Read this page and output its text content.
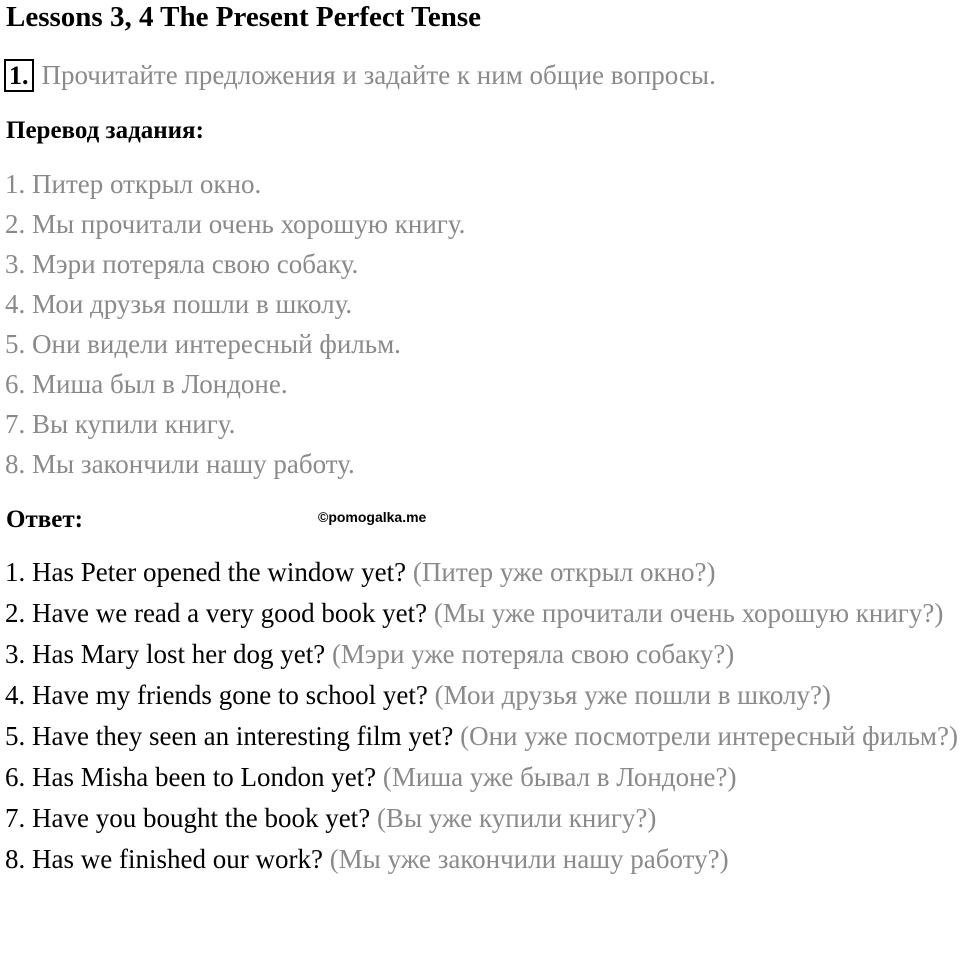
Lessons 3, 4 The Present Perfect Tense
1. Прочитайте предложения и задайте к ним общие вопросы.
Перевод задания:
1. Питер открыл окно.
2. Мы прочитали очень хорошую книгу.
3. Мэри потеряла свою собаку.
4. Мои друзья пошли в школу.
5. Они видели интересный фильм.
6. Миша был в Лондоне.
7. Вы купили книгу.
8. Мы закончили нашу работу.
Ответ:	©pomogalka.me
1. Has Peter opened the window yet? (Питер уже открыл окно?)
2. Have we read a very good book yet? (Мы уже прочитали очень хорошую книгу?)
3. Has Mary lost her dog yet? (Мэри уже потеряла свою собаку?)
4. Have my friends gone to school yet? (Мои друзья уже пошли в школу?)
5. Have they seen an interesting film yet? (Они уже посмотрели интересный фильм?)
6. Has Misha been to London yet? (Миша уже бывал в Лондоне?)
7. Have you bought the book yet? (Вы уже купили книгу?)
8. Has we finished our work? (Мы уже закончили нашу работу?)
